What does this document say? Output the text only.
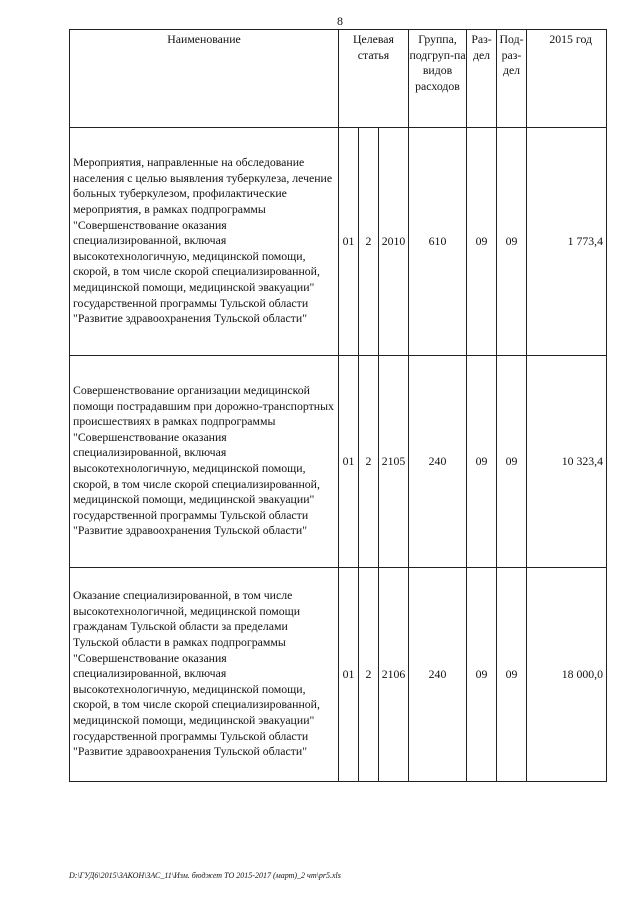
8
Наименование	Целевая статья			Группа, подгруп-па видов расходов	Раз-дел	Под-раз-дел	2015 год
Мероприятия, направленные на обследование населения с целью выявления туберкулеза, лечение больных туберкулезом, профилактические мероприятия, в рамках подпрограммы "Совершенствование оказания специализированной, включая высокотехнологичную, медицинской помощи, скорой, в том числе скорой специализированной, медицинской помощи, медицинской эвакуации" государственной программы Тульской области "Развитие здравоохранения Тульской области"	01	2	2010	610	09	09	1 773,4
Совершенствование организации медицинской помощи пострадавшим при дорожно-транспортных происшествиях в рамках подпрограммы "Совершенствование оказания специализированной, включая высокотехнологичную, медицинской помощи, скорой, в том числе скорой специализированной, медицинской помощи, медицинской эвакуации" государственной программы Тульской области "Развитие здравоохранения Тульской области"	01	2	2105	240	09	09	10 323,4
Оказание специализированной, в том числе высокотехнологичной, медицинской помощи гражданам Тульской области за пределами Тульской области в рамках подпрограммы "Совершенствование оказания специализированной, включая высокотехнологичную, медицинской помощи, скорой, в том числе скорой специализированной, медицинской помощи, медицинской эвакуации" государственной программы Тульской области "Развитие здравоохранения Тульской области"	01	2	2106	240	09	09	18 000,0
D:\ГУД6\2015\ЗАКОН\ЗАС_11\Изм. бюджет ТО 2015-2017 (март)_2 чт\pr5.xls
